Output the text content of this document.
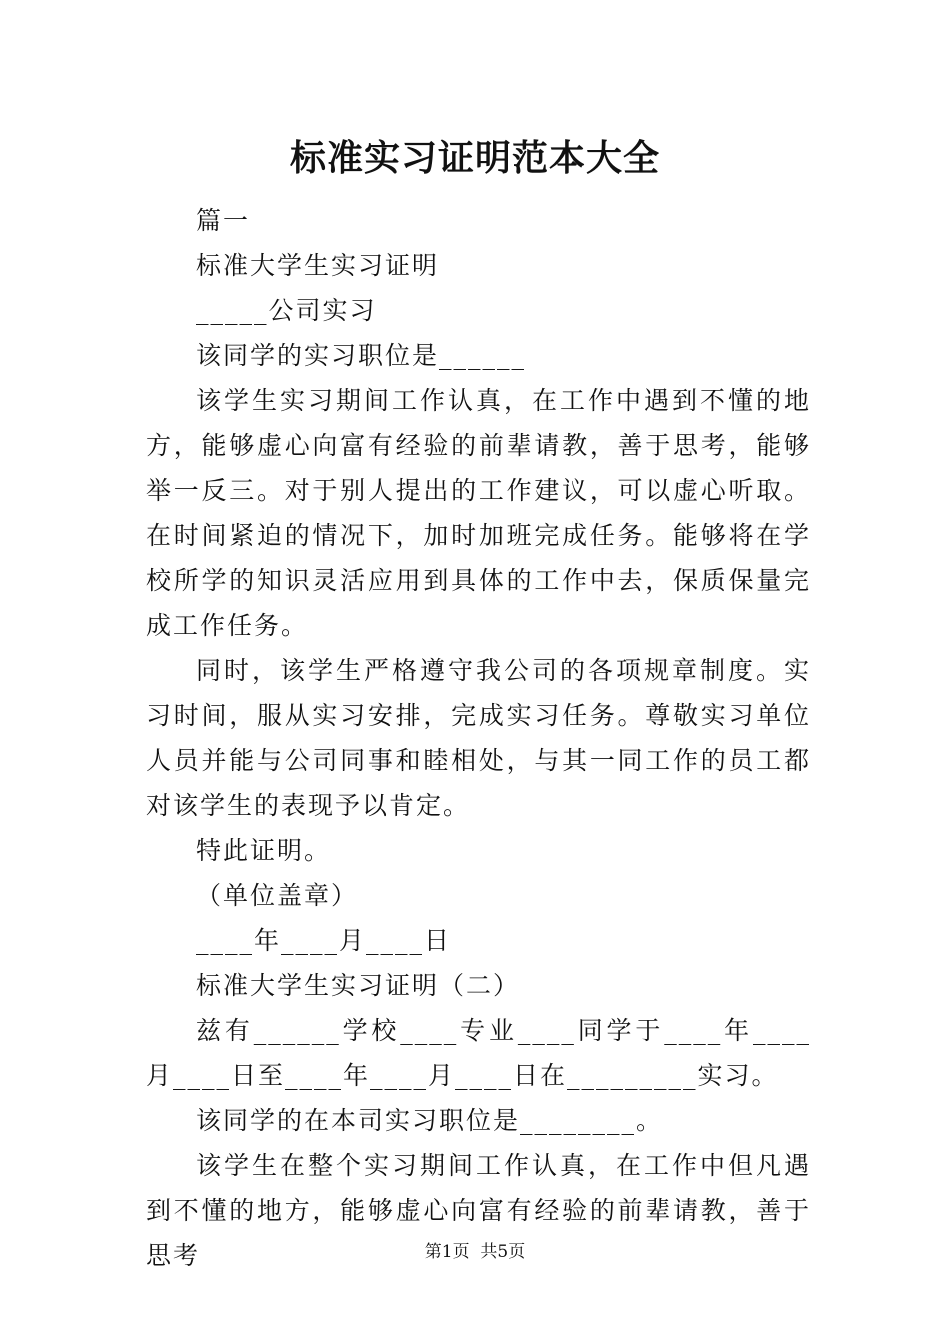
标准实习证明范本大全

篇一

标准大学生实习证明

_____公司实习

该同学的实习职位是______

该学生实习期间工作认真，在工作中遇到不懂的地方，能够虚心向富有经验的前辈请教，善于思考，能够举一反三。对于别人提出的工作建议，可以虚心听取。在时间紧迫的情况下，加时加班完成任务。能够将在学校所学的知识灵活应用到具体的工作中去，保质保量完成工作任务。

同时，该学生严格遵守我公司的各项规章制度。实习时间，服从实习安排，完成实习任务。尊敬实习单位人员并能与公司同事和睦相处，与其一同工作的员工都对该学生的表现予以肯定。

特此证明。

（单位盖章）

____年____月____日

标准大学生实习证明（二）

兹有______学校____专业____同学于____年____月____日至____年____月____日在_________实习。

该同学的在本司实习职位是________。

该学生在整个实习期间工作认真，在工作中但凡遇到不懂的地方，能够虚心向富有经验的前辈请教，善于思考	第1页 共5页
